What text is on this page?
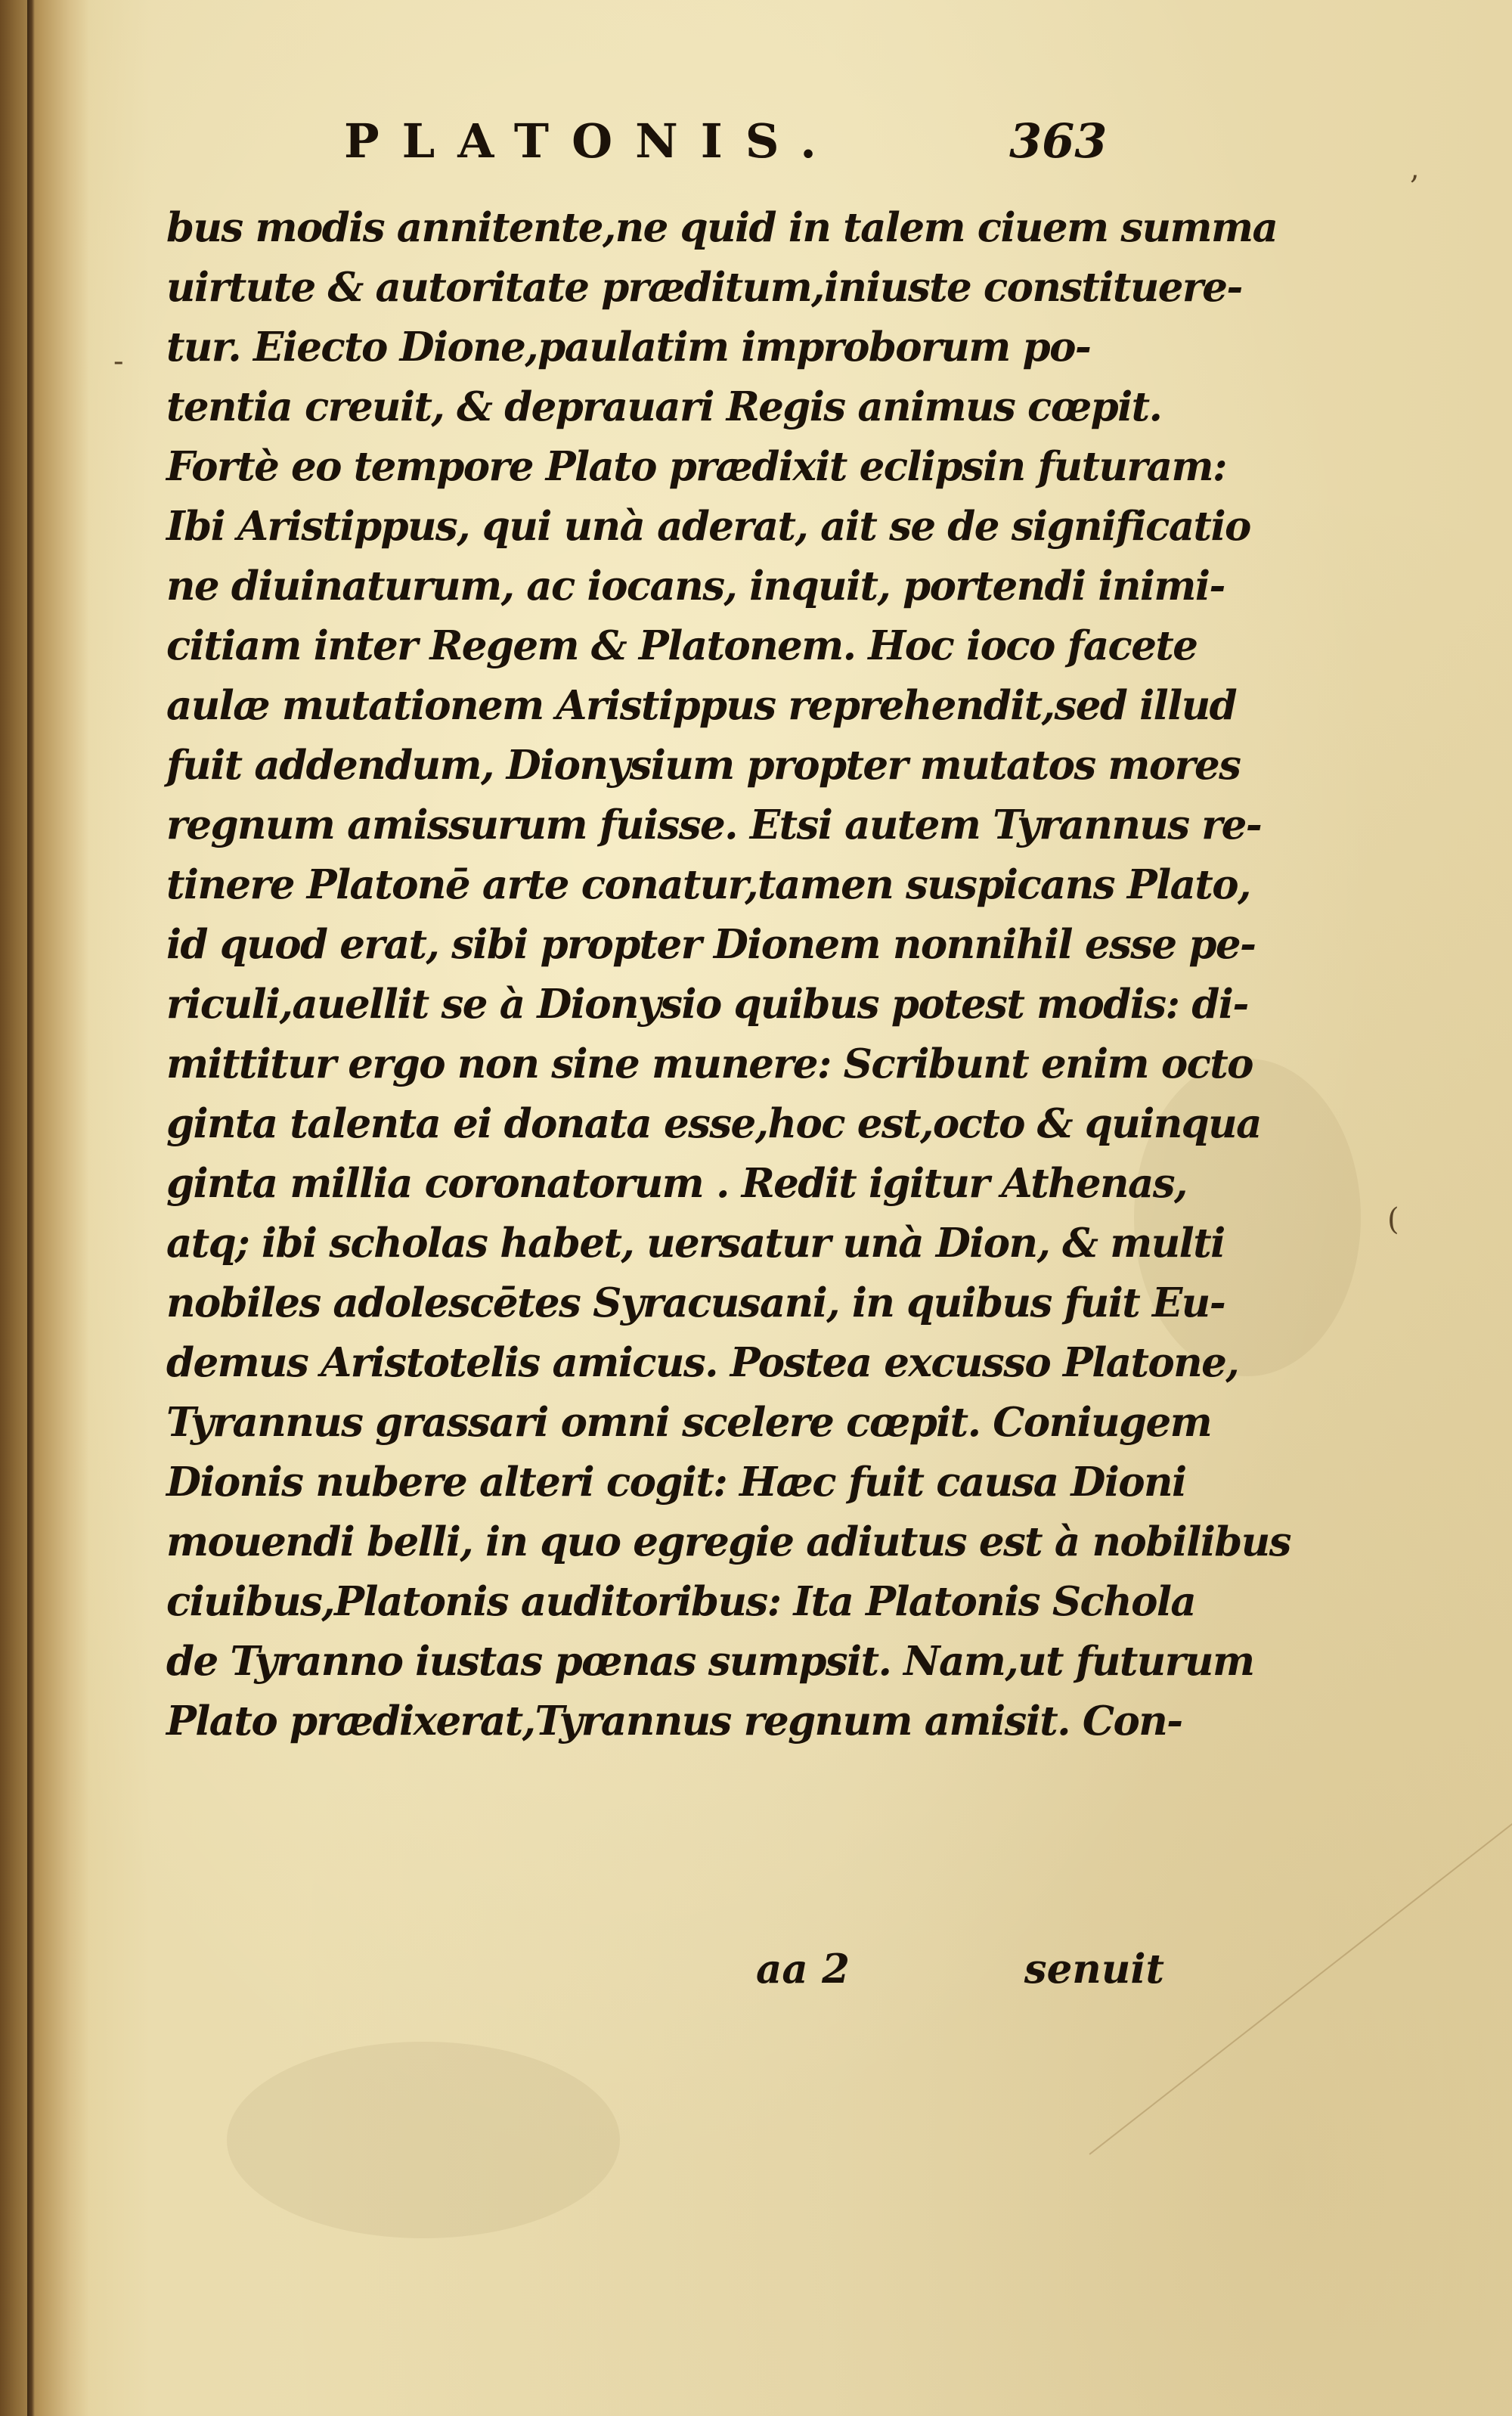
-
,
(
PLATONIS.	363
bus modis annitente,ne quid in talem ciuem summa
uirtute & autoritate præditum,iniuste constituere-
tur. Eiecto Dione,paulatim improborum po-
tentia creuit, & deprauari Regis animus cœpit.
Fortè eo tempore Plato prædixit eclipsin futuram:
Ibi Aristippus, qui unà aderat, ait se de significatio
ne diuinaturum, ac iocans, inquit, portendi inimi-
citiam inter Regem & Platonem. Hoc ioco facete
aulæ mutationem Aristippus reprehendit,sed illud
fuit addendum, Dionysium propter mutatos mores
regnum amissurum fuisse. Etsi autem Tyrannus re-
tinere Platonē arte conatur,tamen suspicans Plato,
id quod erat, sibi propter Dionem nonnihil esse pe-
riculi,auellit se à Dionysio quibus potest modis: di-
mittitur ergo non sine munere: Scribunt enim octo
ginta talenta ei donata esse,hoc est,octo & quinqua
ginta millia coronatorum . Redit igitur Athenas,
atq; ibi scholas habet, uersatur unà Dion, & multi
nobiles adolescētes Syracusani, in quibus fuit Eu-
demus Aristotelis amicus. Postea excusso Platone,
Tyrannus grassari omni scelere cœpit. Coniugem
Dionis nubere alteri cogit: Hæc fuit causa Dioni
mouendi belli, in quo egregie adiutus est à nobilibus
ciuibus,Platonis auditoribus: Ita Platonis Schola
de Tyranno iustas pœnas sumpsit. Nam,ut futurum
Plato prædixerat,Tyrannus regnum amisit. Con-
aa 2	senuit
